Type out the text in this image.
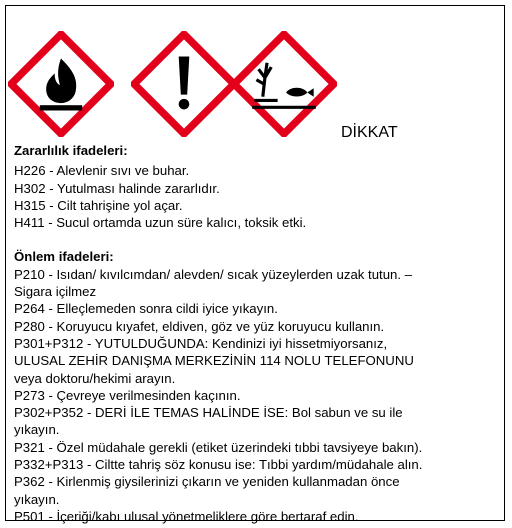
DİKKAT
Zararlılık ifadeleri:
H226 - Alevlenir sıvı ve buhar.
H302 - Yutulması halinde zararlıdır.
H315 - Cilt tahrişine yol açar.
H411 - Sucul ortamda uzun süre kalıcı, toksik etki.
Önlem ifadeleri:
P210 - Isıdan/ kıvılcımdan/ alevden/ sıcak yüzeylerden uzak tutun. –
Sigara içilmez
P264 - Elleçlemeden sonra cildi iyice yıkayın.
P280 - Koruyucu kıyafet, eldiven, göz ve yüz koruyucu kullanın.
P301+P312 - YUTULDUĞUNDA: Kendinizi iyi hissetmiyorsanız,
ULUSAL ZEHİR DANIŞMA MERKEZİNİN 114 NOLU TELEFONUNU
veya doktoru/hekimi arayın.
P273 - Çevreye verilmesinden kaçının.
P302+P352 - DERİ İLE TEMAS HALİNDE İSE: Bol sabun ve su ile
yıkayın.
P321 - Özel müdahale gerekli (etiket üzerindeki tıbbi tavsiyeye bakın).
P332+P313 - Ciltte tahriş söz konusu ise: Tıbbi yardım/müdahale alın.
P362 - Kirlenmiş giysilerinizi çıkarın ve yeniden kullanmadan önce
yıkayın.
P501 - İçeriği/kabı ulusal yönetmeliklere göre bertaraf edin.
